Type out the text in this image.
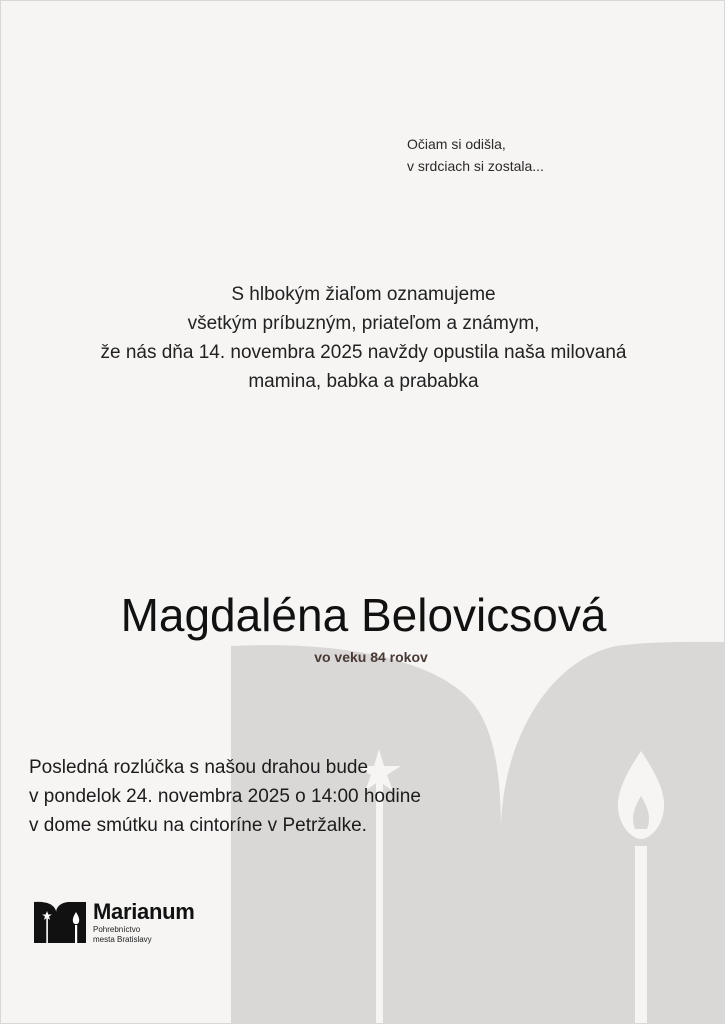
Očiam si odišla,
v srdciach si zostala...
S hlbokým žiaľom oznamujeme
všetkým príbuzným, priateľom a známym,
že nás dňa 14. novembra 2025 navždy opustila naša milovaná
mamina, babka a prababka
Magdaléna Belovicsová
vo veku 84 rokov
Posledná rozlúčka s našou drahou bude
v pondelok 24. novembra 2025 o 14:00 hodine
v dome smútku na cintoríne v Petržalke.
Marianum
Pohrebníctvo
mesta Bratislavy
